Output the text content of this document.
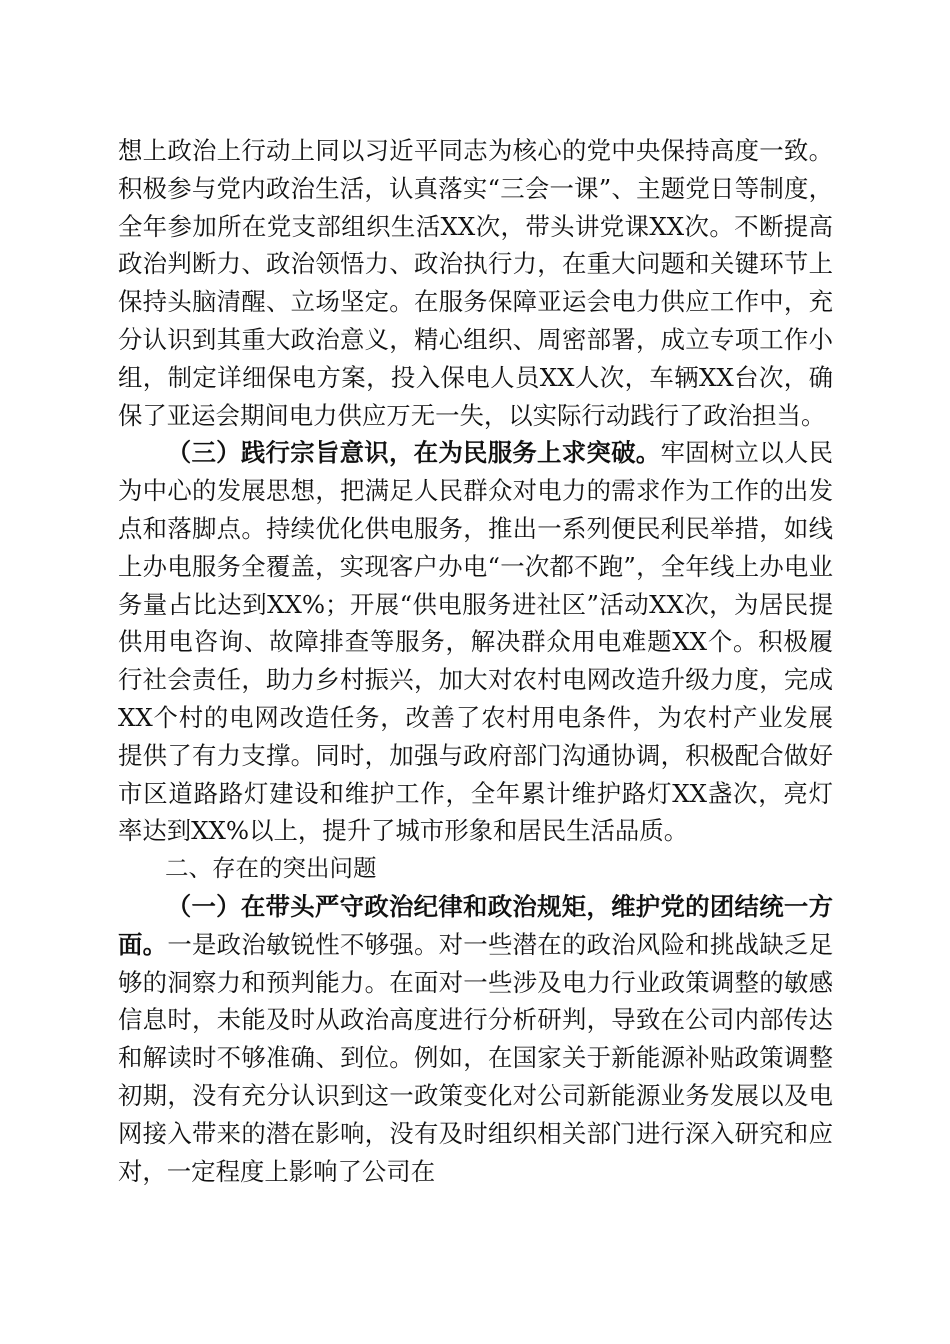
想上政治上行动上同以习近平同志为核心的党中央保持高度一致。积极参与党内政治生活，认真落实“三会一课”、主题党日等制度，全年参加所在党支部组织生活XX次，带头讲党课XX次。不断提高政治判断力、政治领悟力、政治执行力，在重大问题和关键环节上保持头脑清醒、立场坚定。在服务保障亚运会电力供应工作中，充分认识到其重大政治意义，精心组织、周密部署，成立专项工作小组，制定详细保电方案，投入保电人员XX人次，车辆XX台次，确保了亚运会期间电力供应万无一失，以实际行动践行了政治担当。

（三）践行宗旨意识，在为民服务上求突破。牢固树立以人民为中心的发展思想，把满足人民群众对电力的需求作为工作的出发点和落脚点。持续优化供电服务，推出一系列便民利民举措，如线上办电服务全覆盖，实现客户办电“一次都不跑”，全年线上办电业务量占比达到XX%；开展“供电服务进社区”活动XX次，为居民提供用电咨询、故障排查等服务，解决群众用电难题XX个。积极履行社会责任，助力乡村振兴，加大对农村电网改造升级力度，完成XX个村的电网改造任务，改善了农村用电条件，为农村产业发展提供了有力支撑。同时，加强与政府部门沟通协调，积极配合做好市区道路路灯建设和维护工作，全年累计维护路灯XX盏次，亮灯率达到XX%以上，提升了城市形象和居民生活品质。

二、存在的突出问题

（一）在带头严守政治纪律和政治规矩，维护党的团结统一方面。一是政治敏锐性不够强。对一些潜在的政治风险和挑战缺乏足够的洞察力和预判能力。在面对一些涉及电力行业政策调整的敏感信息时，未能及时从政治高度进行分析研判，导致在公司内部传达和解读时不够准确、到位。例如，在国家关于新能源补贴政策调整初期，没有充分认识到这一政策变化对公司新能源业务发展以及电网接入带来的潜在影响，没有及时组织相关部门进行深入研究和应对，一定程度上影响了公司在
